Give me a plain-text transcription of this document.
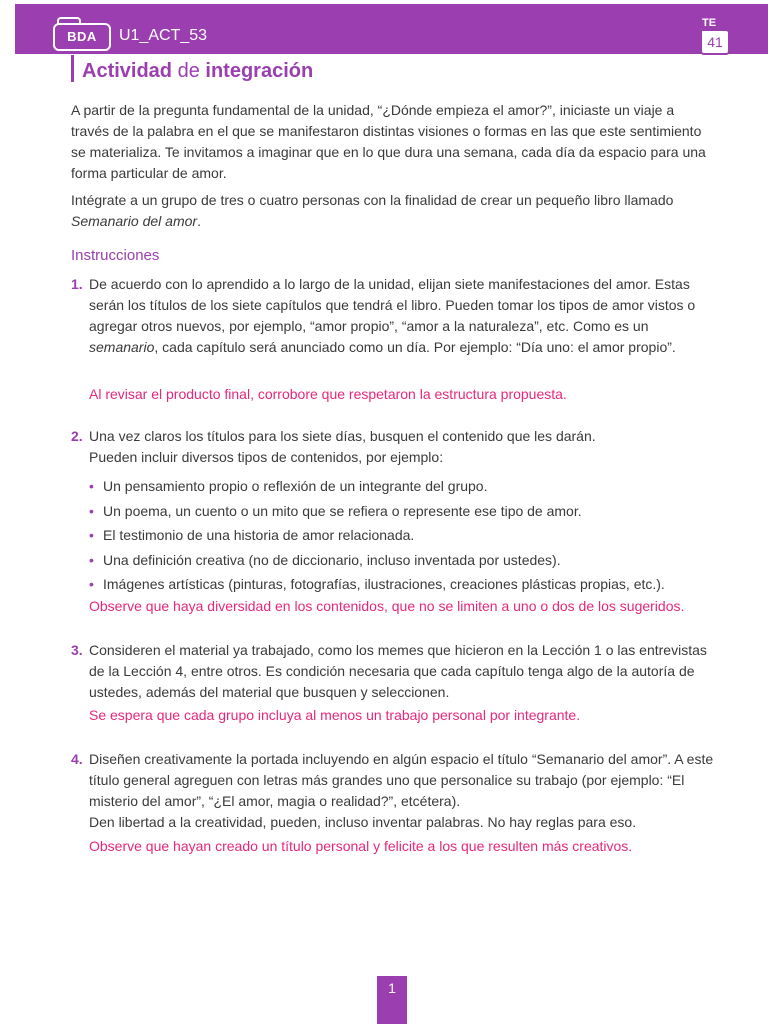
BDA	U1_ACT_53	Página 41
TE
Actividad de integración

A partir de la pregunta fundamental de la unidad, “¿Dónde empieza el amor?”, iniciaste un viaje a través de la palabra en el que se manifestaron distintas visiones o formas en las que este sentimiento se materializa. Te invitamos a imaginar que en lo que dura una semana, cada día da espacio para una forma particular de amor.

Intégrate a un grupo de tres o cuatro personas con la finalidad de crear un pequeño libro llamado Semanario del amor.

Instrucciones
1. De acuerdo con lo aprendido a lo largo de la unidad, elijan siete manifestaciones del amor. Estas serán los títulos de los siete capítulos que tendrá el libro. Pueden tomar los tipos de amor vistos o agregar otros nuevos, por ejemplo, “amor propio”, “amor a la naturaleza”, etc. Como es un semanario, cada capítulo será anunciado como un día. Por ejemplo: “Día uno: el amor propio”.
Al revisar el producto final, corrobore que respetaron la estructura propuesta.
2. Una vez claros los títulos para los siete días, busquen el contenido que les darán.
Pueden incluir diversos tipos de contenidos, por ejemplo:
• Un pensamiento propio o reflexión de un integrante del grupo.
• Un poema, un cuento o un mito que se refiera o represente ese tipo de amor.
• El testimonio de una historia de amor relacionada.
• Una definición creativa (no de diccionario, incluso inventada por ustedes).
• Imágenes artísticas (pinturas, fotografías, ilustraciones, creaciones plásticas propias, etc.).
Observe que haya diversidad en los contenidos, que no se limiten a uno o dos de los sugeridos.
3. Consideren el material ya trabajado, como los memes que hicieron en la Lección 1 o las entrevistas de la Lección 4, entre otros. Es condición necesaria que cada capítulo tenga algo de la autoría de ustedes, además del material que busquen y seleccionen.
Se espera que cada grupo incluya al menos un trabajo personal por integrante.
4. Diseñen creativamente la portada incluyendo en algún espacio el título “Semanario del amor”. A este título general agreguen con letras más grandes uno que personalice su trabajo (por ejemplo: “El misterio del amor”, “¿El amor, magia o realidad?”, etcétera).
Den libertad a la creatividad, pueden, incluso inventar palabras. No hay reglas para eso.
Observe que hayan creado un título personal y felicite a los que resulten más creativos.
1
